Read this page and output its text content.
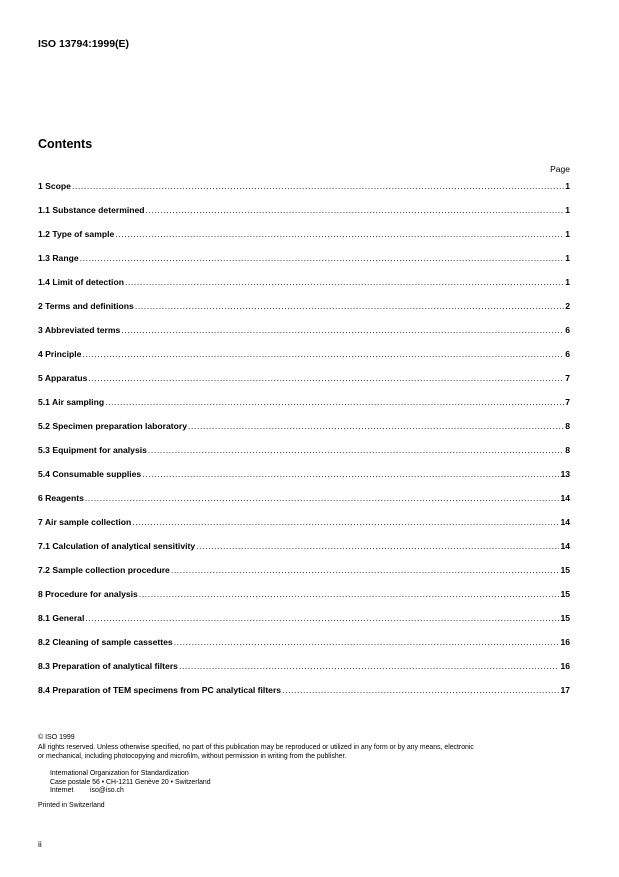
ISO 13794:1999(E)
Contents
Page
1 Scope .....	1
1.1 Substance determined .....	1
1.2 Type of sample .....	1
1.3 Range .....	1
1.4 Limit of detection .....	1
2 Terms and definitions .....	2
3 Abbreviated terms .....	6
4 Principle .....	6
5 Apparatus .....	7
5.1 Air sampling .....	7
5.2 Specimen preparation laboratory .....	8
5.3 Equipment for analysis .....	8
5.4 Consumable supplies .....	13
6 Reagents .....	14
7 Air sample collection .....	14
7.1 Calculation of analytical sensitivity .....	14
7.2 Sample collection procedure .....	15
8 Procedure for analysis .....	15
8.1 General .....	15
8.2 Cleaning of sample cassettes .....	16
8.3 Preparation of analytical filters .....	16
8.4 Preparation of TEM specimens from PC analytical filters .....	17
© ISO 1999
All rights reserved. Unless otherwise specified, no part of this publication may be reproduced or utilized in any form or by any means, electronic
or mechanical, including photocopying and microfilm, without permission in writing from the publisher.
International Organization for Standardization
Case postale 56 • CH-1211 Genève 20 • Switzerland
Internet iso@iso.ch
Printed in Switzerland
ii
